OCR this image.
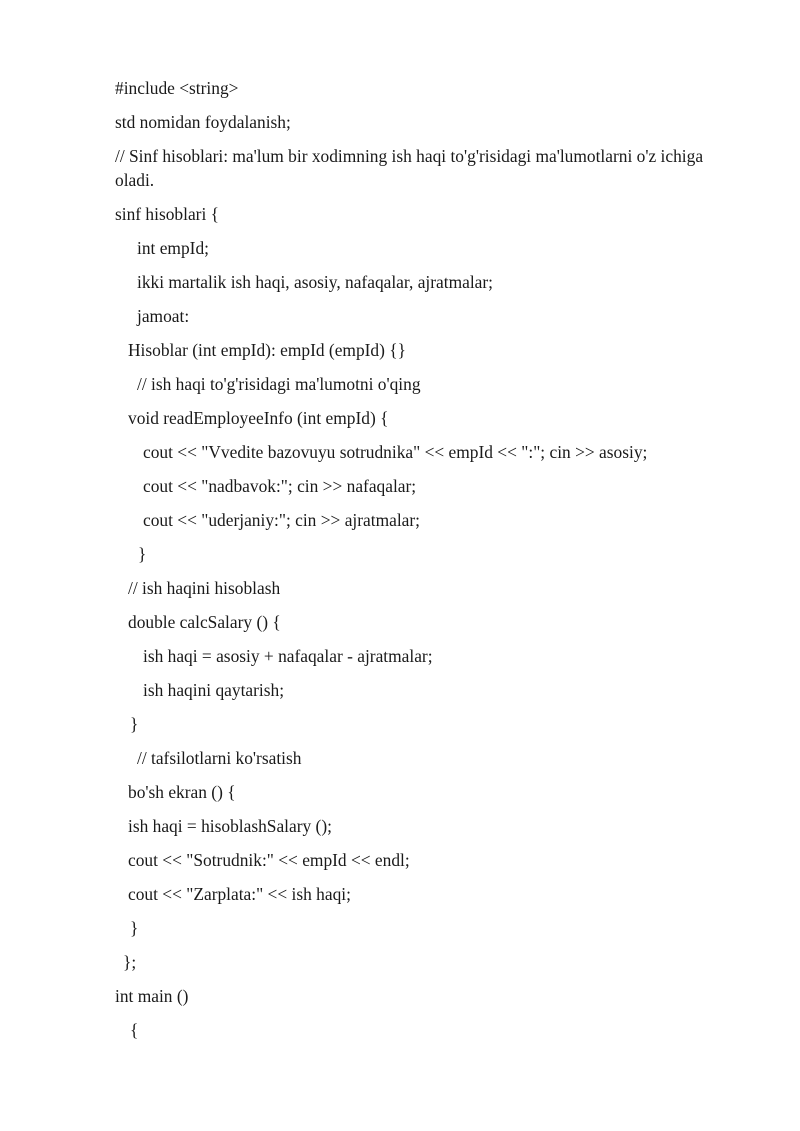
#include <string>
std nomidan foydalanish;
// Sinf hisoblari: ma'lum bir xodimning ish haqi to'g'risidagi ma'lumotlarni o'z ichiga oladi.
sinf hisoblari {
int empId;
ikki martalik ish haqi, asosiy, nafaqalar, ajratmalar;
jamoat:
Hisoblar (int empId): empId (empId) {}
// ish haqi to'g'risidagi ma'lumotni o'qing
void readEmployeeInfo (int empId) {
cout << "Vvedite bazovuyu sotrudnika" << empId << ":"; cin >> asosiy;
cout << "nadbavok:"; cin >> nafaqalar;
cout << "uderjaniy:"; cin >> ajratmalar;
}
// ish haqini hisoblash
double calcSalary () {
ish haqi = asosiy + nafaqalar - ajratmalar;
ish haqini qaytarish;
}
// tafsilotlarni ko'rsatish
bo'sh ekran () {
ish haqi = hisoblashSalary ();
cout << "Sotrudnik:" << empId << endl;
cout << "Zarplata:" << ish haqi;
}
};
int main ()
{
